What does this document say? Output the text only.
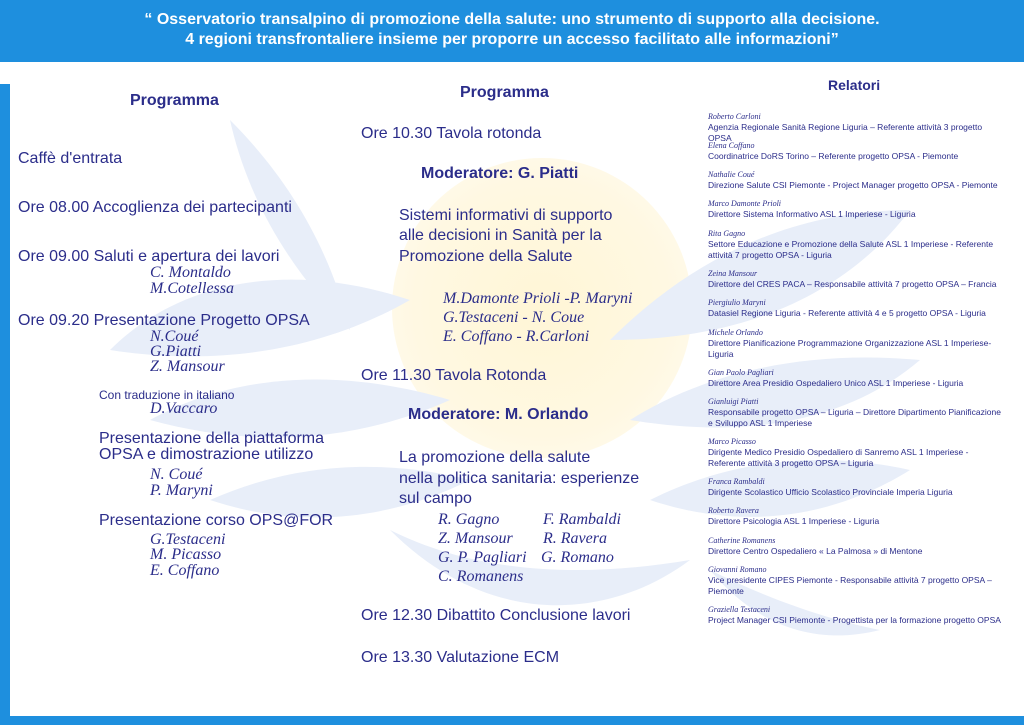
“ Osservatorio transalpino di promozione della salute: uno strumento di supporto alla decisione.
4 regioni transfrontaliere insieme per proporre un accesso facilitato alle informazioni”
Programma
Caffè d'entrata
Ore 08.00 Accoglienza dei partecipanti
Ore 09.00 Saluti e apertura dei lavori
C. Montaldo
M.Cotellessa
Ore 09.20 Presentazione Progetto OPSA
N.Coué
G.Piatti
Z. Mansour
Con traduzione in italiano
D.Vaccaro
Presentazione della piattaforma
OPSA e dimostrazione utilizzo
N. Coué
P. Maryni
Presentazione corso OPS@FOR
G.Testaceni
M. Picasso
E. Coffano
Programma
Ore 10.30 Tavola rotonda
Moderatore: G. Piatti
Sistemi informativi di supporto
alle decisioni in Sanità per la
Promozione della Salute
M.Damonte Prioli -P. Maryni
G.Testaceni - N. Coue
E. Coffano - R.Carloni
Ore 11.30 Tavola Rotonda
Moderatore: M. Orlando
La promozione della salute
nella politica sanitaria: esperienze
sul campo
R. Gagno
Z. Mansour
G. P. Pagliari
C. Romanens
F. Rambaldi
R. Ravera
G. Romano
Ore 12.30 Dibattito Conclusione lavori
Ore 13.30 Valutazione ECM
Relatori
Roberto Carloni
Agenzia Regionale Sanità Regione Liguria – Referente attività 3 progetto OPSA
Elena Coffano
Coordinatrice DoRS Torino – Referente progetto OPSA - Piemonte
Nathalie Coué
Direzione Salute CSI Piemonte - Project Manager progetto OPSA - Piemonte
Marco Damonte Prioli
Direttore Sistema Informativo ASL 1 Imperiese - Liguria
Rita Gagno
Settore Educazione e Promozione della Salute ASL 1 Imperiese - Referente attività 7 progetto OPSA - Liguria
Zeina Mansour
Direttore del CRES PACA – Responsabile attività 7 progetto OPSA – Francia
Piergiulio Maryni
Datasiel Regione Liguria - Referente attività 4 e 5 progetto OPSA - Liguria
Michele Orlando
Direttore Pianificazione Programmazione Organizzazione ASL 1 Imperiese- Liguria
Gian Paolo Pagliari
Direttore Area Presidio Ospedaliero Unico ASL 1 Imperiese - Liguria
Gianluigi Piatti
Responsabile progetto OPSA – Liguria – Direttore Dipartimento Pianificazione e Sviluppo ASL 1 Imperiese
Marco Picasso
Dirigente Medico Presidio Ospedaliero di Sanremo ASL 1 Imperiese - Referente attività 3 progetto OPSA – Liguria
Franca Rambaldi
Dirigente Scolastico Ufficio Scolastico Provinciale Imperia Liguria
Roberto Ravera
Direttore Psicologia ASL 1 Imperiese - Liguria
Catherine Romanens
Direttore Centro Ospedaliero « La Palmosa » di Mentone
Giovanni Romano
Vice presidente CIPES Piemonte - Responsabile attività 7 progetto OPSA – Piemonte
Graziella Testaceni
Project Manager CSI Piemonte - Progettista per la formazione progetto OPSA
